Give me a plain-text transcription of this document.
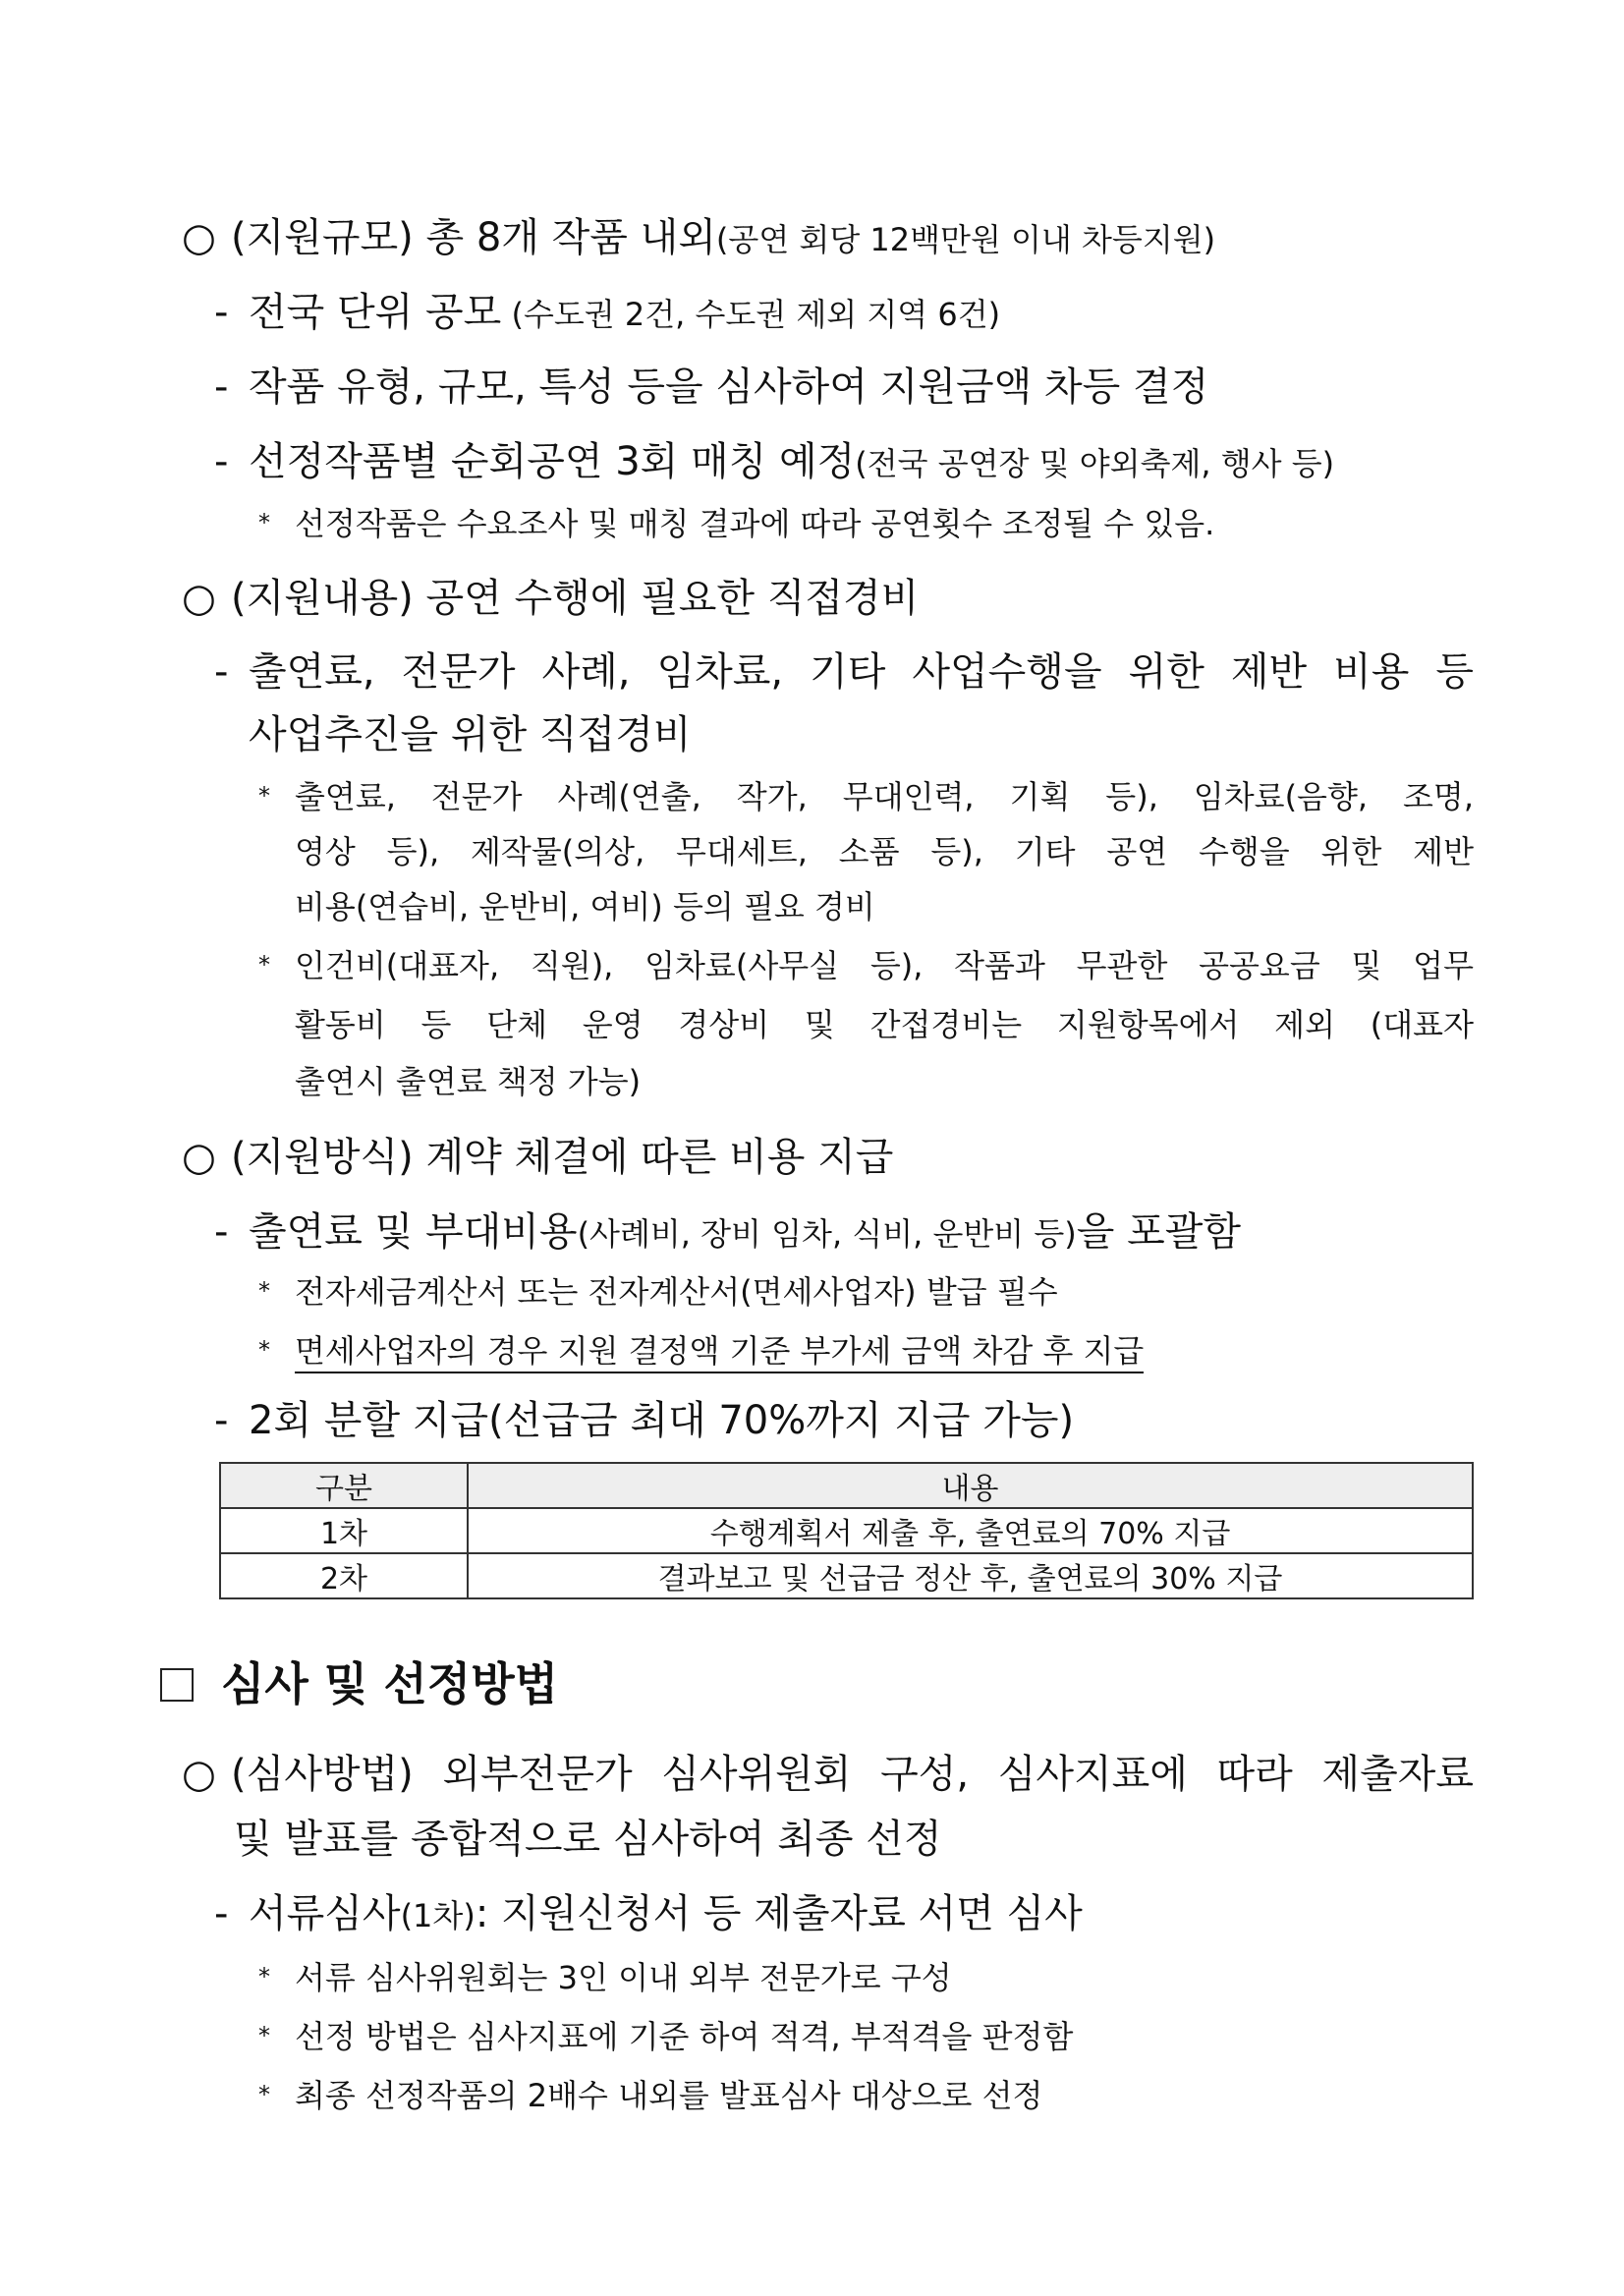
○ (지원규모) 총 8개 작품 내외(공연 회당 12백만원 이내 차등지원)
- 전국 단위 공모 (수도권 2건, 수도권 제외 지역 6건)
- 작품 유형, 규모, 특성 등을 심사하여 지원금액 차등 결정
- 선정작품별 순회공연 3회 매칭 예정(전국 공연장 및 야외축제, 행사 등)
* 선정작품은 수요조사 및 매칭 결과에 따라 공연횟수 조정될 수 있음.
○ (지원내용) 공연 수행에 필요한 직접경비
- 출연료, 전문가 사례, 임차료, 기타 사업수행을 위한 제반 비용 등
사업추진을 위한 직접경비
* 출연료, 전문가 사례(연출, 작가, 무대인력, 기획 등), 임차료(음향, 조명,
영상 등), 제작물(의상, 무대세트, 소품 등), 기타 공연 수행을 위한 제반
비용(연습비, 운반비, 여비) 등의 필요 경비
* 인건비(대표자, 직원), 임차료(사무실 등), 작품과 무관한 공공요금 및 업무
활동비 등 단체 운영 경상비 및 간접경비는 지원항목에서 제외 (대표자
출연시 출연료 책정 가능)
○ (지원방식) 계약 체결에 따른 비용 지급
- 출연료 및 부대비용(사례비, 장비 임차, 식비, 운반비 등)을 포괄함
* 전자세금계산서 또는 전자계산서(면세사업자) 발급 필수
* 면세사업자의 경우 지원 결정액 기준 부가세 금액 차감 후 지급
- 2회 분할 지급(선급금 최대 70%까지 지급 가능)
구분	내용
1차	수행계획서 제출 후, 출연료의 70% 지급
2차	결과보고 및 선급금 정산 후, 출연료의 30% 지급
심사 및 선정방법
○ (심사방법) 외부전문가 심사위원회 구성, 심사지표에 따라 제출자료
및 발표를 종합적으로 심사하여 최종 선정
- 서류심사(1차): 지원신청서 등 제출자료 서면 심사
* 서류 심사위원회는 3인 이내 외부 전문가로 구성
* 선정 방법은 심사지표에 기준 하여 적격, 부적격을 판정함
* 최종 선정작품의 2배수 내외를 발표심사 대상으로 선정
